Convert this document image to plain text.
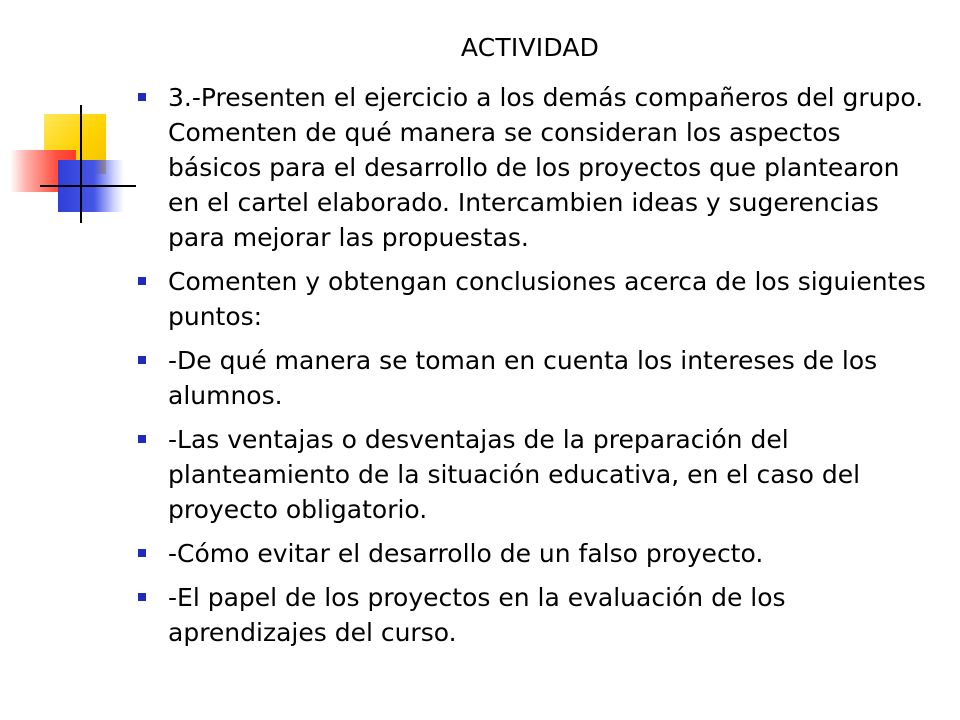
ACTIVIDAD
3.-Presenten el ejercicio a los demás compañeros del grupo. Comenten de qué manera se consideran los aspectos básicos para el desarrollo de los proyectos que plantearon en el cartel elaborado. Intercambien ideas y sugerencias para mejorar las propuestas.
Comenten y obtengan conclusiones acerca de los siguientes puntos:
-De qué manera se toman en cuenta los intereses de los alumnos.
-Las ventajas o desventajas de la preparación del planteamiento de la situación educativa, en el caso del proyecto obligatorio.
-Cómo evitar el desarrollo de un falso proyecto.
-El papel de los proyectos en la evaluación de los aprendizajes del curso.
